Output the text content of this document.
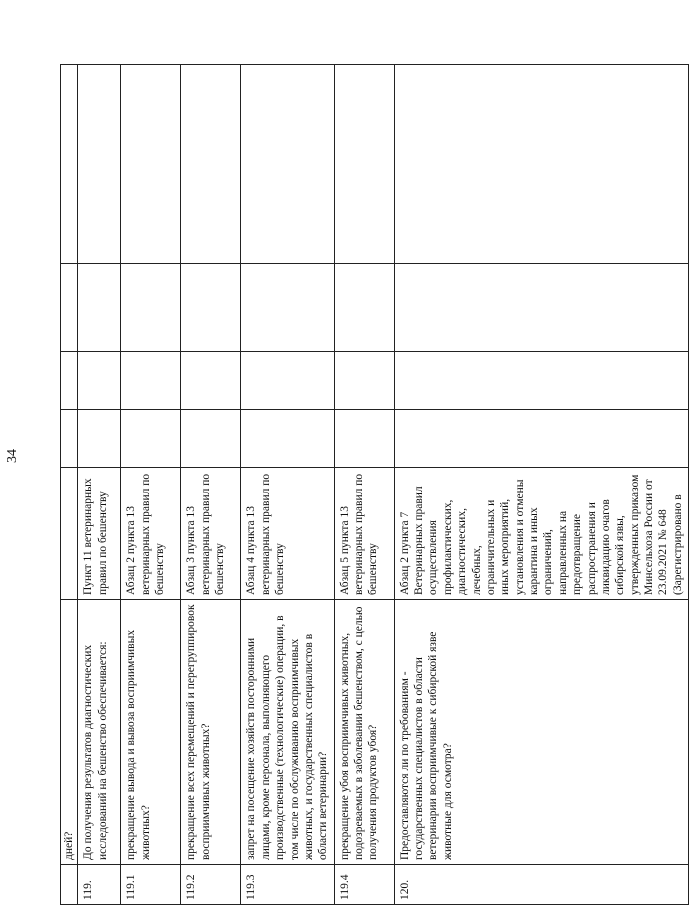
34
	дней?					
119.	До получения результатов диагностических исследований на бешенство обеспечивается:	Пункт 11 ветеринарных правил по бешенству				
119.1	прекращение вывода и вывоза восприимчивых животных?	Абзац 2 пункта 13 ветеринарных правил по бешенству				
119.2	прекращение всех перемещений и перегруппировок восприимчивых животных?	Абзац 3 пункта 13 ветеринарных правил по бешенству				
119.3	запрет на посещение хозяйств посторонними лицами, кроме персонала, выполняющего производственные (технологические) операции, в том числе по обслуживанию восприимчивых животных, и государственных специалистов в области ветеринарии?	Абзац 4 пункта 13 ветеринарных правил по бешенству				
119.4	прекращение убоя восприимчивых животных, подозреваемых в заболевании бешенством, с целью получения продуктов убоя?	Абзац 5 пункта 13 ветеринарных правил по бешенству				
120.	Предоставляются ли по требованиям - государственных специалистов в области ветеринарии восприимчивые к сибирской язве животные для осмотра?	Абзац 2 пункта 7 Ветеринарных правил осуществления профилактических, диагностических, лечебных, ограничительных и иных мероприятий, установления и отмены карантина и иных ограничений, направленных на предотвращение распространения и ликвидацию очагов сибирской язвы, утвержденных приказом Минсельхоза России от 23.09.2021 № 648 (Зарегистрировано в				
